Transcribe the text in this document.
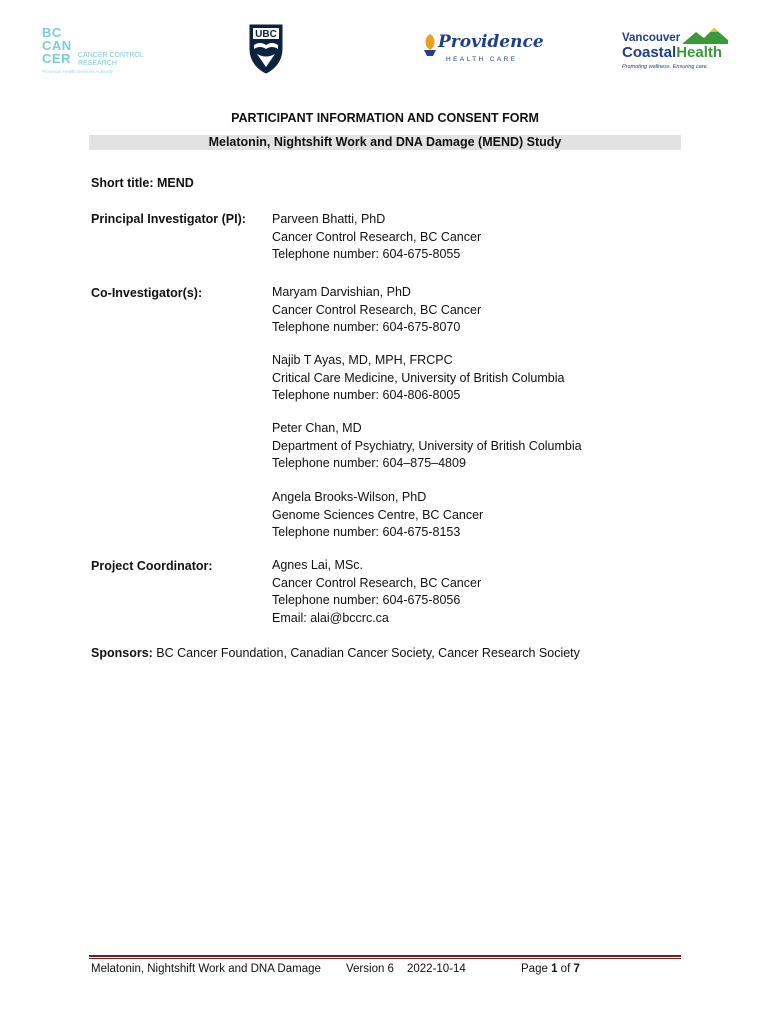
BC
CAN
CER CANCER CONTROL
RESEARCH
Provincial Health Services Authority
UBC	Providence
HEALTH CARE
Vancouver
CoastalHealth
Promoting wellness. Ensuring care.
PARTICIPANT INFORMATION AND CONSENT FORM
Melatonin, Nightshift Work and DNA Damage (MEND) Study
Short title: MEND
Principal Investigator (PI): Parveen Bhatti, PhD
Cancer Control Research, BC Cancer
Telephone number: 604-675-8055
Co-Investigator(s):	Maryam Darvishian, PhD
Cancer Control Research, BC Cancer
Telephone number: 604-675-8070
Najib T Ayas, MD, MPH, FRCPC
Critical Care Medicine, University of British Columbia
Telephone number: 604-806-8005
Peter Chan, MD
Department of Psychiatry, University of British Columbia
Telephone number: 604–875–4809
Angela Brooks-Wilson, PhD
Genome Sciences Centre, BC Cancer
Telephone number: 604-675-8153
Project Coordinator:	Agnes Lai, MSc.
Cancer Control Research, BC Cancer
Telephone number: 604-675-8056
Email: alai@bccrc.ca
Sponsors: BC Cancer Foundation, Canadian Cancer Society, Cancer Research Society
Melatonin, Nightshift Work and DNA Damage Version 6 2022-10-14	Page 1 of 7
